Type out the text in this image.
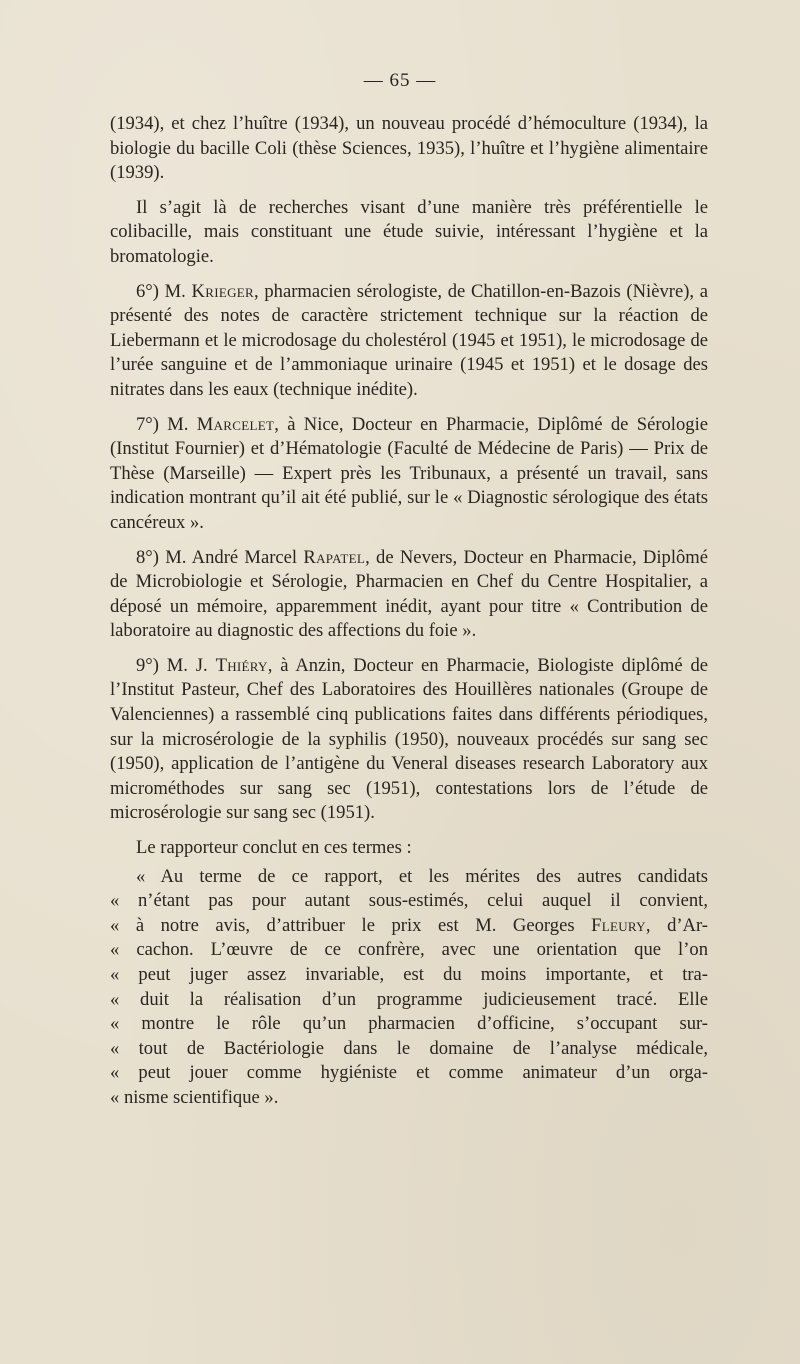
— 65 —

(1934), et chez l’huître (1934), un nouveau procédé d’hémoculture (1934), la biologie du bacille Coli (thèse Sciences, 1935), l’huître et l’hygiène alimentaire (1939).

Il s’agit là de recherches visant d’une manière très préférentielle le colibacille, mais constituant une étude suivie, intéressant l’hygiène et la bromatologie.

6°) M. Krieger, pharmacien sérologiste, de Chatillon-en-Bazois (Nièvre), a présenté des notes de caractère strictement technique sur la réaction de Liebermann et le microdosage du cholestérol (1945 et 1951), le microdosage de l’urée sanguine et de l’ammoniaque urinaire (1945 et 1951) et le dosage des nitrates dans les eaux (technique inédite).

7°) M. Marcelet, à Nice, Docteur en Pharmacie, Diplômé de Sérologie (Institut Fournier) et d’Hématologie (Faculté de Médecine de Paris) — Prix de Thèse (Marseille) — Expert près les Tribunaux, a présenté un travail, sans indication montrant qu’il ait été publié, sur le « Diagnostic sérologique des états cancéreux ».

8°) M. André Marcel Rapatel, de Nevers, Docteur en Pharmacie, Diplômé de Microbiologie et Sérologie, Pharmacien en Chef du Centre Hospitalier, a déposé un mémoire, apparemment inédit, ayant pour titre « Contribution de laboratoire au diagnostic des affections du foie ».

9°) M. J. Thiéry, à Anzin, Docteur en Pharmacie, Biologiste diplômé de l’Institut Pasteur, Chef des Laboratoires des Houillères nationales (Groupe de Valenciennes) a rassemblé cinq publications faites dans différents périodiques, sur la microsérologie de la syphilis (1950), nouveaux procédés sur sang sec (1950), application de l’antigène du Veneral diseases research Laboratory aux microméthodes sur sang sec (1951), contestations lors de l’étude de microsérologie sur sang sec (1951).

Le rapporteur conclut en ces termes :

« Au terme de ce rapport, et les mérites des autres candidats

« n’étant pas pour autant sous-estimés, celui auquel il convient,

« à notre avis, d’attribuer le prix est M. Georges Fleury, d’Ar-

« cachon. L’œuvre de ce confrère, avec une orientation que l’on

« peut juger assez invariable, est du moins importante, et tra-

« duit la réalisation d’un programme judicieusement tracé. Elle

« montre le rôle qu’un pharmacien d’officine, s’occupant sur-

« tout de Bactériologie dans le domaine de l’analyse médicale,

« peut jouer comme hygiéniste et comme animateur d’un orga-

« nisme scientifique ».
